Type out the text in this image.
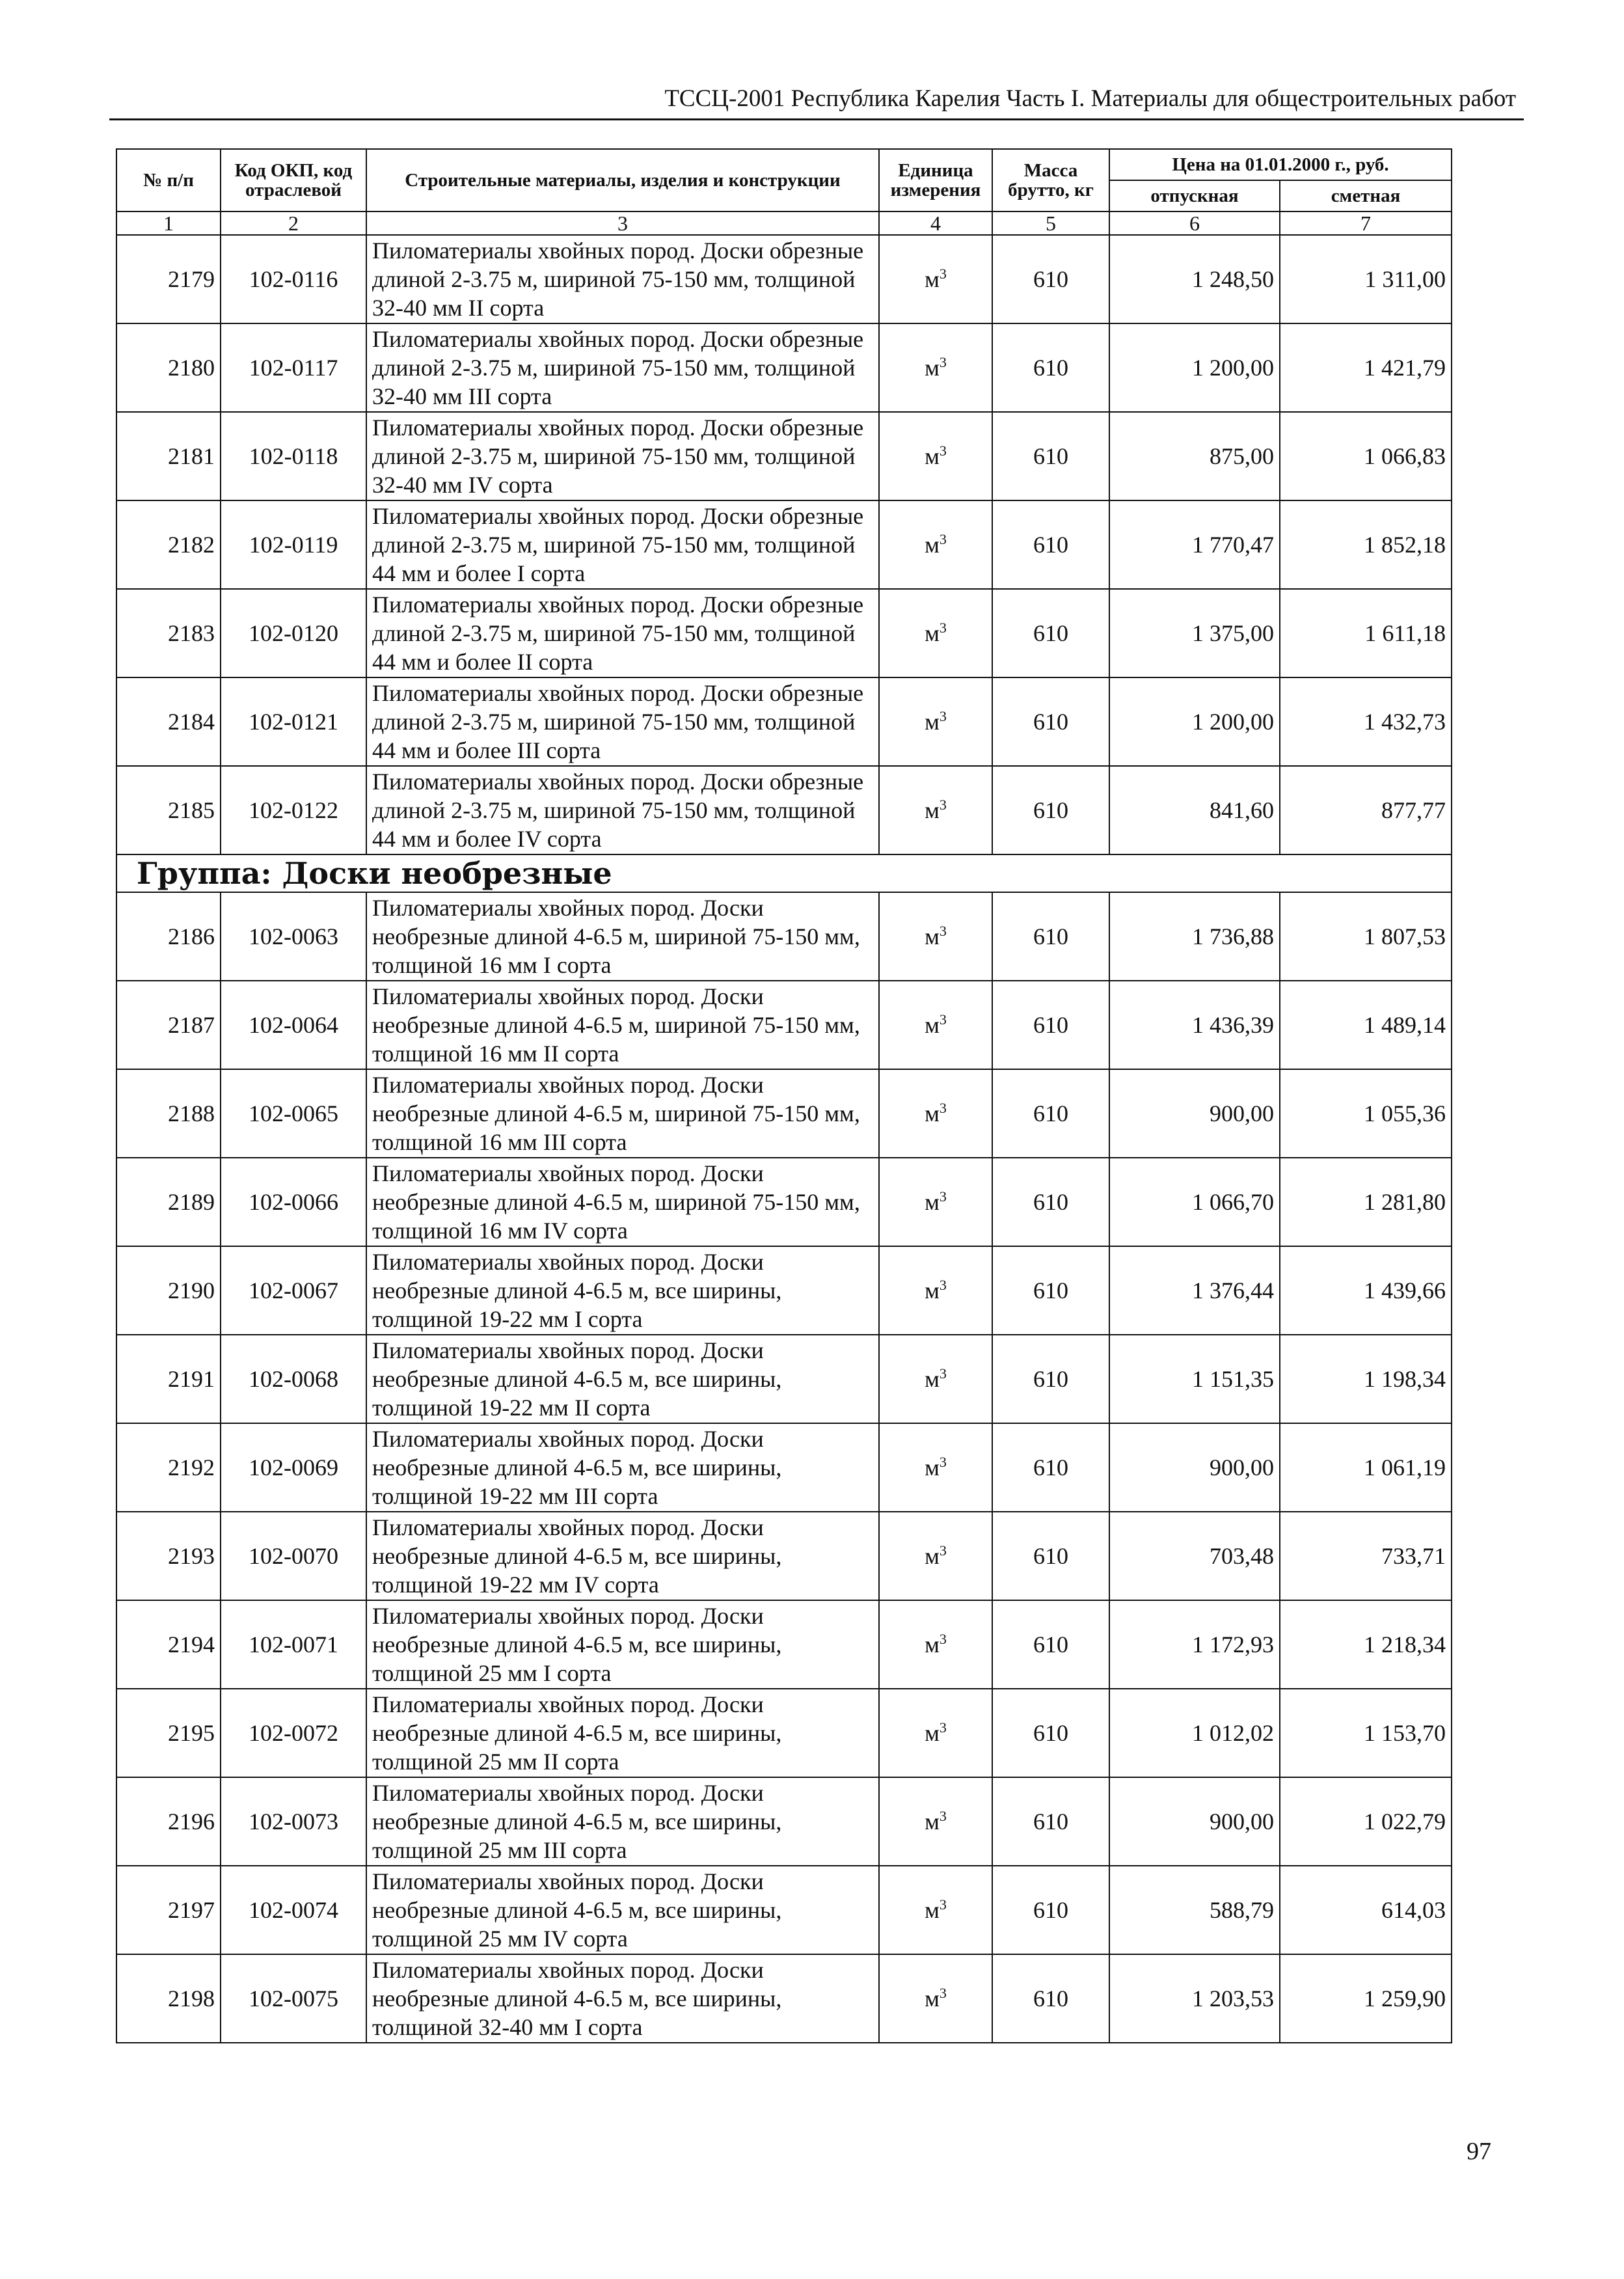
ТССЦ-2001 Республика Карелия Часть I. Материалы для общестроительных работ
№ п/п	Код ОКП, код отраслевой	Строительные материалы, изделия и конструкции	Единица измерения	Масса брутто, кг	Цена на 01.01.2000 г., руб.	
					отпускная	сметная
1	2	3	4	5	6	7
2179	102-0116	Пиломатериалы хвойных пород. Доски обрезные длиной 2-3.75 м, шириной 75-150 мм, толщиной 32-40 мм II сорта	$м^3$	610	1 248,50	1 311,00
2180	102-0117	Пиломатериалы хвойных пород. Доски обрезные длиной 2-3.75 м, шириной 75-150 мм, толщиной 32-40 мм III сорта	$м^3$	610	1 200,00	1 421,79
2181	102-0118	Пиломатериалы хвойных пород. Доски обрезные длиной 2-3.75 м, шириной 75-150 мм, толщиной 32-40 мм IV сорта	$м^3$	610	875,00	1 066,83
2182	102-0119	Пиломатериалы хвойных пород. Доски обрезные длиной 2-3.75 м, шириной 75-150 мм, толщиной 44 мм и более I сорта	$м^3$	610	1 770,47	1 852,18
2183	102-0120	Пиломатериалы хвойных пород. Доски обрезные длиной 2-3.75 м, шириной 75-150 мм, толщиной 44 мм и более II сорта	$м^3$	610	1 375,00	1 611,18
2184	102-0121	Пиломатериалы хвойных пород. Доски обрезные длиной 2-3.75 м, шириной 75-150 мм, толщиной 44 мм и более III сорта	$м^3$	610	1 200,00	1 432,73
2185	102-0122	Пиломатериалы хвойных пород. Доски обрезные длиной 2-3.75 м, шириной 75-150 мм, толщиной 44 мм и более IV сорта	$м^3$	610	841,60	877,77
Группа: Доски необрезные						
2186	102-0063	Пиломатериалы хвойных пород. Доски необрезные длиной 4-6.5 м, шириной 75-150 мм, толщиной 16 мм I сорта	$м^3$	610	1 736,88	1 807,53
2187	102-0064	Пиломатериалы хвойных пород. Доски необрезные длиной 4-6.5 м, шириной 75-150 мм, толщиной 16 мм II сорта	$м^3$	610	1 436,39	1 489,14
2188	102-0065	Пиломатериалы хвойных пород. Доски необрезные длиной 4-6.5 м, шириной 75-150 мм, толщиной 16 мм III сорта	$м^3$	610	900,00	1 055,36
2189	102-0066	Пиломатериалы хвойных пород. Доски необрезные длиной 4-6.5 м, шириной 75-150 мм, толщиной 16 мм IV сорта	$м^3$	610	1 066,70	1 281,80
2190	102-0067	Пиломатериалы хвойных пород. Доски необрезные длиной 4-6.5 м, все ширины, толщиной 19-22 мм I сорта	$м^3$	610	1 376,44	1 439,66
2191	102-0068	Пиломатериалы хвойных пород. Доски необрезные длиной 4-6.5 м, все ширины, толщиной 19-22 мм II сорта	$м^3$	610	1 151,35	1 198,34
2192	102-0069	Пиломатериалы хвойных пород. Доски необрезные длиной 4-6.5 м, все ширины, толщиной 19-22 мм III сорта	$м^3$	610	900,00	1 061,19
2193	102-0070	Пиломатериалы хвойных пород. Доски необрезные длиной 4-6.5 м, все ширины, толщиной 19-22 мм IV сорта	$м^3$	610	703,48	733,71
2194	102-0071	Пиломатериалы хвойных пород. Доски необрезные длиной 4-6.5 м, все ширины, толщиной 25 мм I сорта	$м^3$	610	1 172,93	1 218,34
2195	102-0072	Пиломатериалы хвойных пород. Доски необрезные длиной 4-6.5 м, все ширины, толщиной 25 мм II сорта	$м^3$	610	1 012,02	1 153,70
2196	102-0073	Пиломатериалы хвойных пород. Доски необрезные длиной 4-6.5 м, все ширины, толщиной 25 мм III сорта	$м^3$	610	900,00	1 022,79
2197	102-0074	Пиломатериалы хвойных пород. Доски необрезные длиной 4-6.5 м, все ширины, толщиной 25 мм IV сорта	$м^3$	610	588,79	614,03
2198	102-0075	Пиломатериалы хвойных пород. Доски необрезные длиной 4-6.5 м, все ширины, толщиной 32-40 мм I сорта	$м^3$	610	1 203,53	1 259,90
97
